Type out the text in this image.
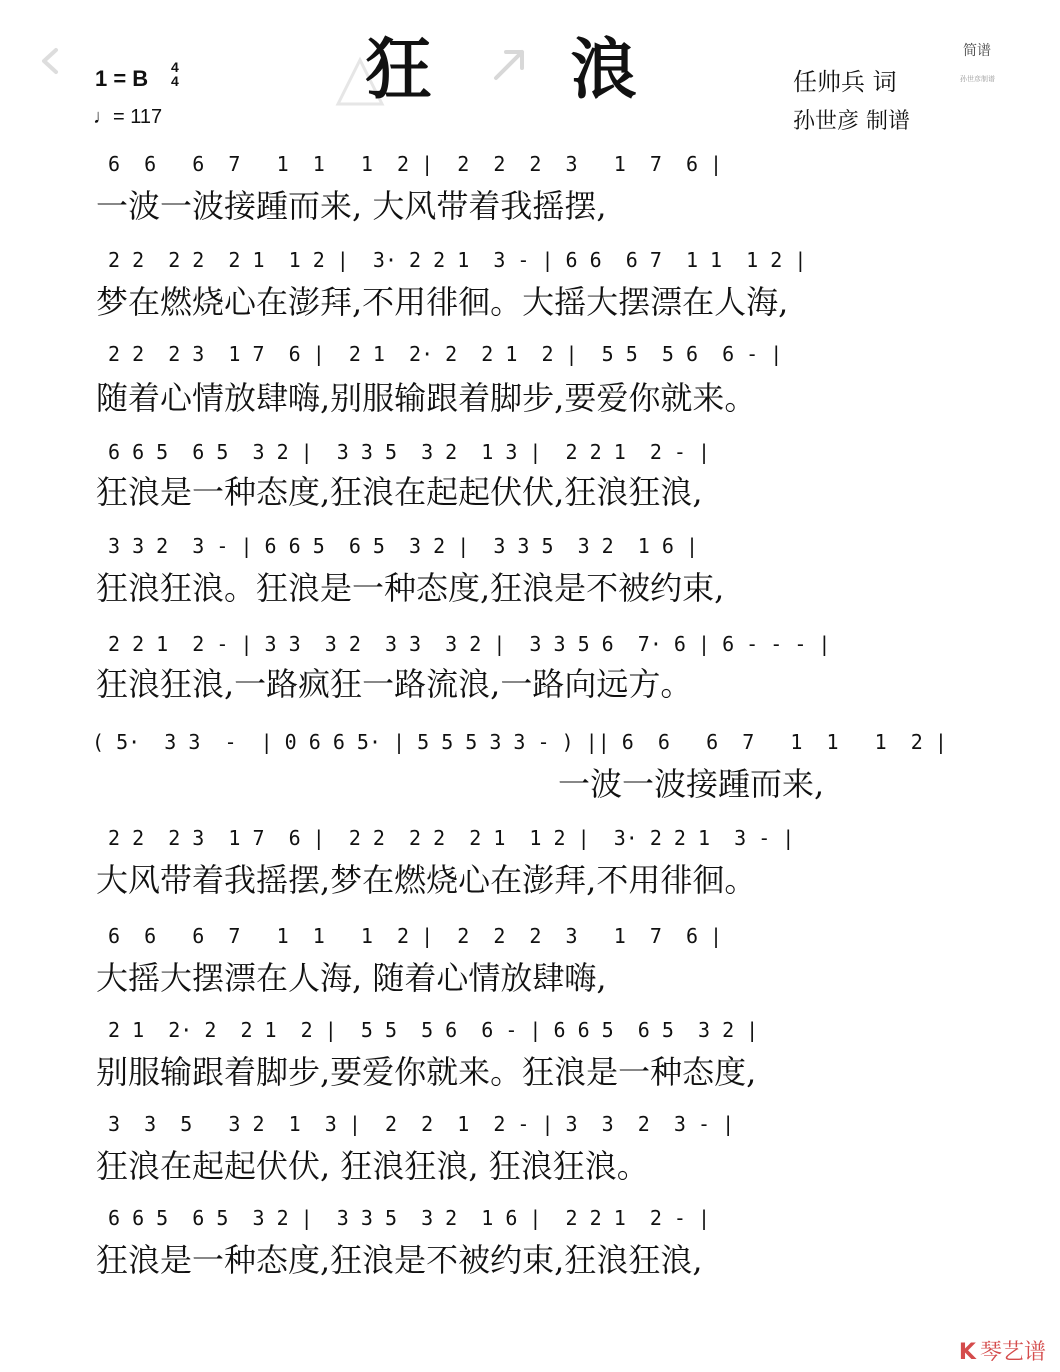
1 = B 4
4
♩= 117
狂 浪	简谱
孙世彦制谱
任帅兵 词
孙世彦 制谱
6  6   6  7   1  1   1  2 |  2  2  2  3   1  7  6 |
一波一波接踵而来, 大风带着我摇摆,
2 2  2 2  2 1  1 2 |  3· 2 2 1  3 - | 6 6  6 7  1 1  1 2 |
梦在燃烧心在澎拜,不用徘徊。大摇大摆漂在人海,
2 2  2 3  1 7  6 |  2 1  2· 2  2 1  2 |  5 5  5 6  6 - |
随着心情放肆嗨,别服输跟着脚步,要爱你就来。
6 6 5  6 5  3 2 |  3 3 5  3 2  1 3 |  2 2 1  2 - |
狂浪是一种态度,狂浪在起起伏伏,狂浪狂浪,
3 3 2  3 - | 6 6 5  6 5  3 2 |  3 3 5  3 2  1 6 |
狂浪狂浪。狂浪是一种态度,狂浪是不被约束,
2 2 1  2 - | 3 3  3 2  3 3  3 2 |  3 3 5 6  7· 6 | 6 - - - |
狂浪狂浪,一路疯狂一路流浪,一路向远方。
( 5·  3 3  -  | 0 6 6 5· | 5 5 5 3 3 - ) || 6  6   6  7   1  1   1  2 |
一波一波接踵而来,
2 2  2 3  1 7  6 |  2 2  2 2  2 1  1 2 |  3· 2 2 1  3 - |
大风带着我摇摆,梦在燃烧心在澎拜,不用徘徊。
6  6   6  7   1  1   1  2 |  2  2  2  3   1  7  6 |
大摇大摆漂在人海, 随着心情放肆嗨,
2 1  2· 2  2 1  2 |  5 5  5 6  6 - | 6 6 5  6 5  3 2 |
别服输跟着脚步,要爱你就来。狂浪是一种态度,
3  3  5   3 2  1  3 |  2  2  1  2 - | 3  3  2  3 - |
狂浪在起起伏伏, 狂浪狂浪, 狂浪狂浪。
6 6 5  6 5  3 2 |  3 3 5  3 2  1 6 |  2 2 1  2 - |
狂浪是一种态度,狂浪是不被约束,狂浪狂浪,
K 琴艺谱
